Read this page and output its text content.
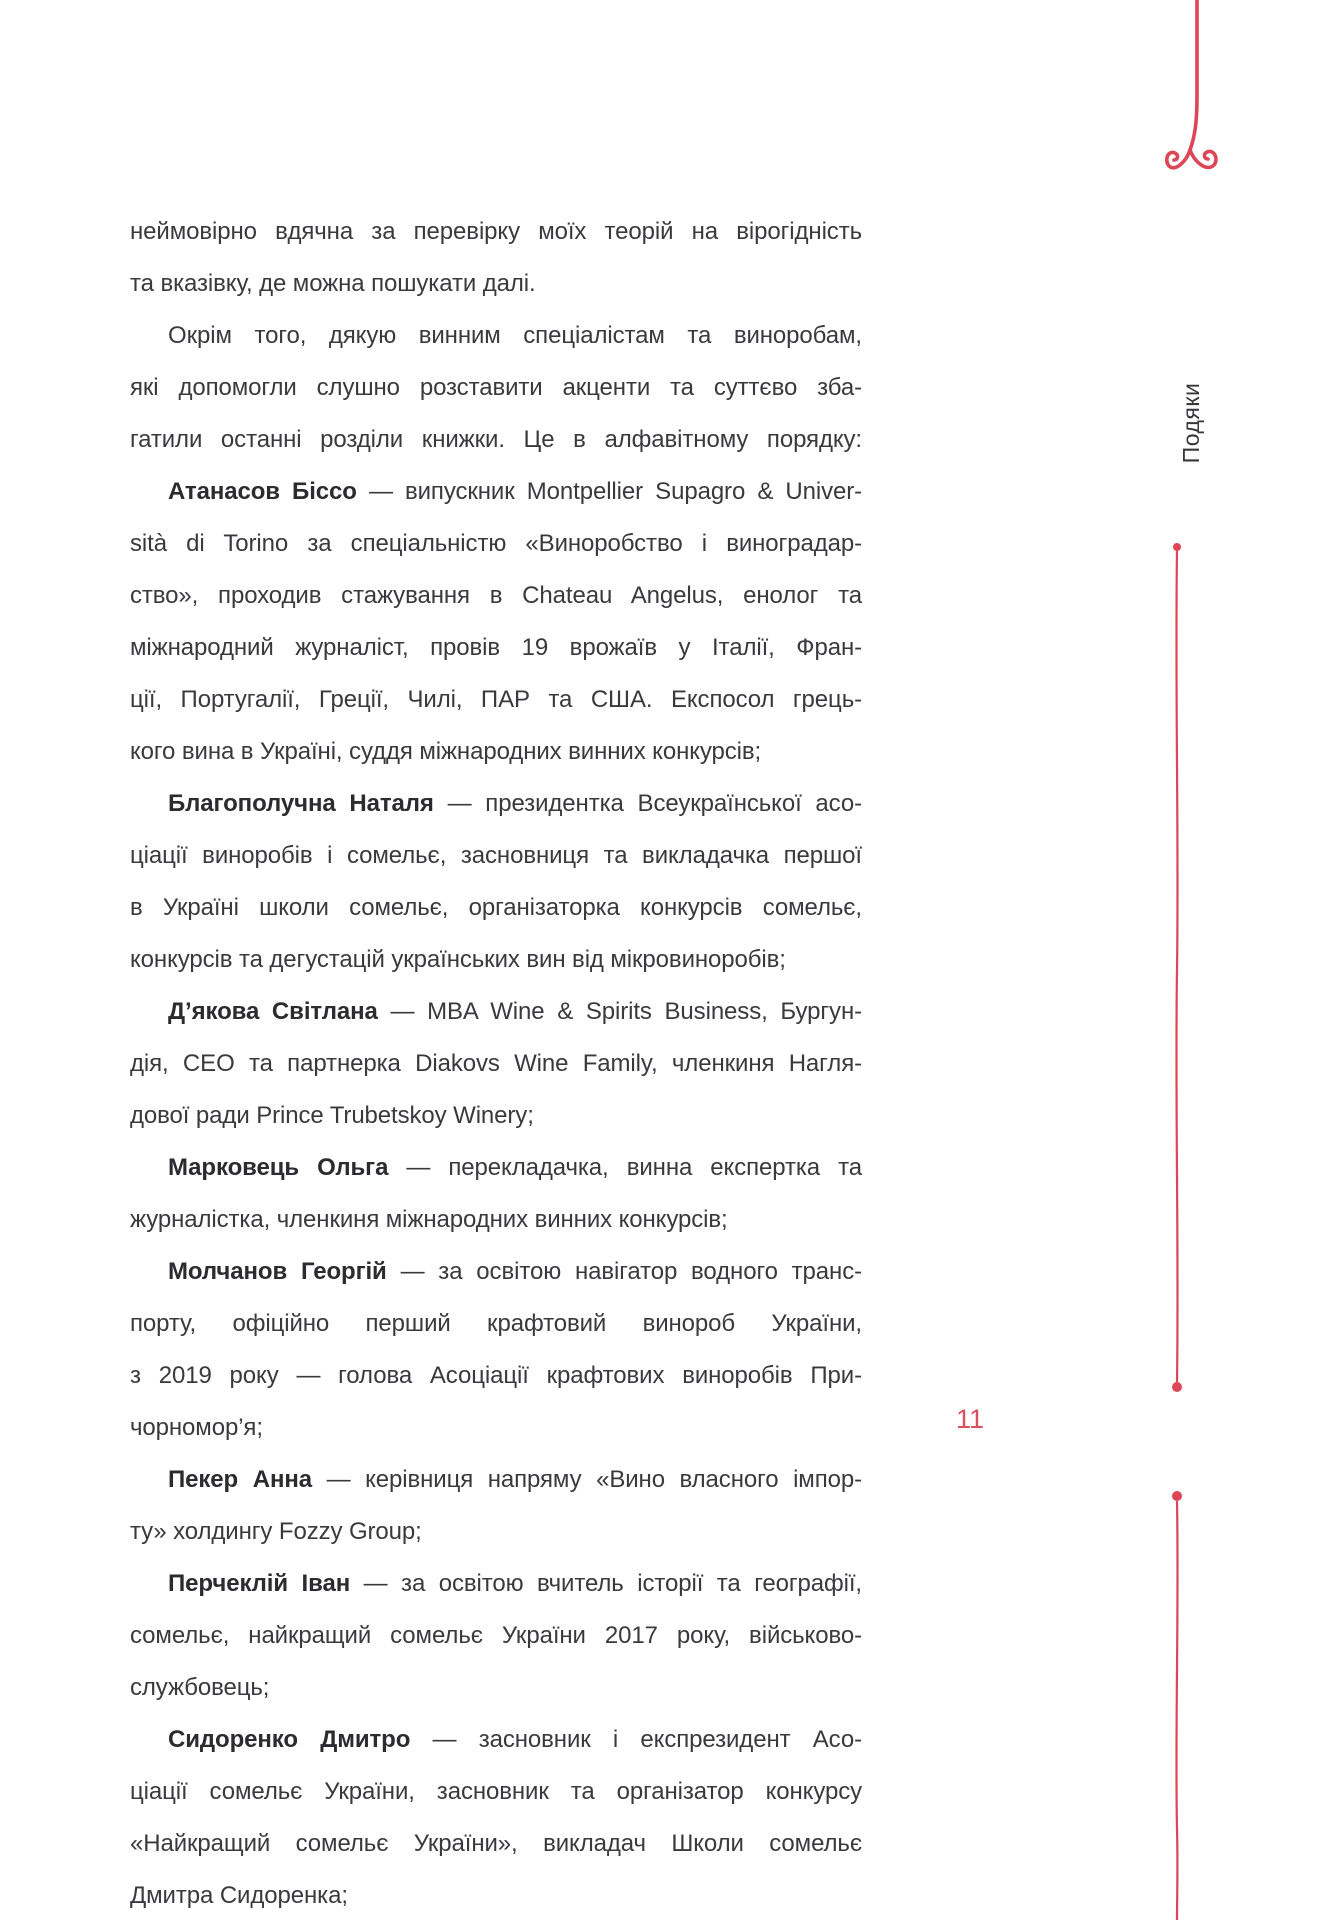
Подяки
11
неймовірно вдячна за перевірку моїх теорій на вірогідність
та вказівку, де можна пошукати далі.
Окрім того, дякую винним спеціалістам та виноробам,
які допомогли слушно розставити акценти та суттєво зба-
гатили останні розділи книжки. Це в алфавітному порядку:
Атанасов Біссо — випускник Montpellier Supagro & Univer-
sità di Torino за спеціальністю «Виноробство і виноградар-
ство», проходив стажування в Chateau Angelus, енолог та
міжнародний журналіст, провів 19 врожаїв у Італії, Фран-
ції, Португалії, Греції, Чилі, ПАР та США. Експосол грець-
кого вина в Україні, суддя міжнародних винних конкурсів;
Благополучна Наталя — президентка Всеукраїнської асо-
ціації виноробів і сомельє, засновниця та викладачка першої
в Україні школи сомельє, організаторка конкурсів сомельє,
конкурсів та дегустацій українських вин від мікровиноробів;
Д’якова Світлана — MBA Wine & Spirits Business, Бургун-
дія, CEO та партнерка Diakovs Wine Family, членкиня Нагля-
дової ради Prince Trubetskoy Winery;
Марковець Ольга — перекладачка, винна експертка та
журналістка, членкиня міжнародних винних конкурсів;
Молчанов Георгій — за освітою навігатор водного транс-
порту, офіційно перший крафтовий винороб України,
з 2019 року — голова Асоціації крафтових виноробів При-
чорномор’я;
Пекер Анна — керівниця напряму «Вино власного імпор-
ту» холдингу Fozzy Group;
Перчеклій Іван — за освітою вчитель історії та географії,
сомельє, найкращий сомельє України 2017 року, військово-
службовець;
Сидоренко Дмитро — засновник і експрезидент Асо-
ціації сомельє України, засновник та організатор конкурсу
«Найкращий сомельє України», викладач Школи сомельє
Дмитра Сидоренка;
